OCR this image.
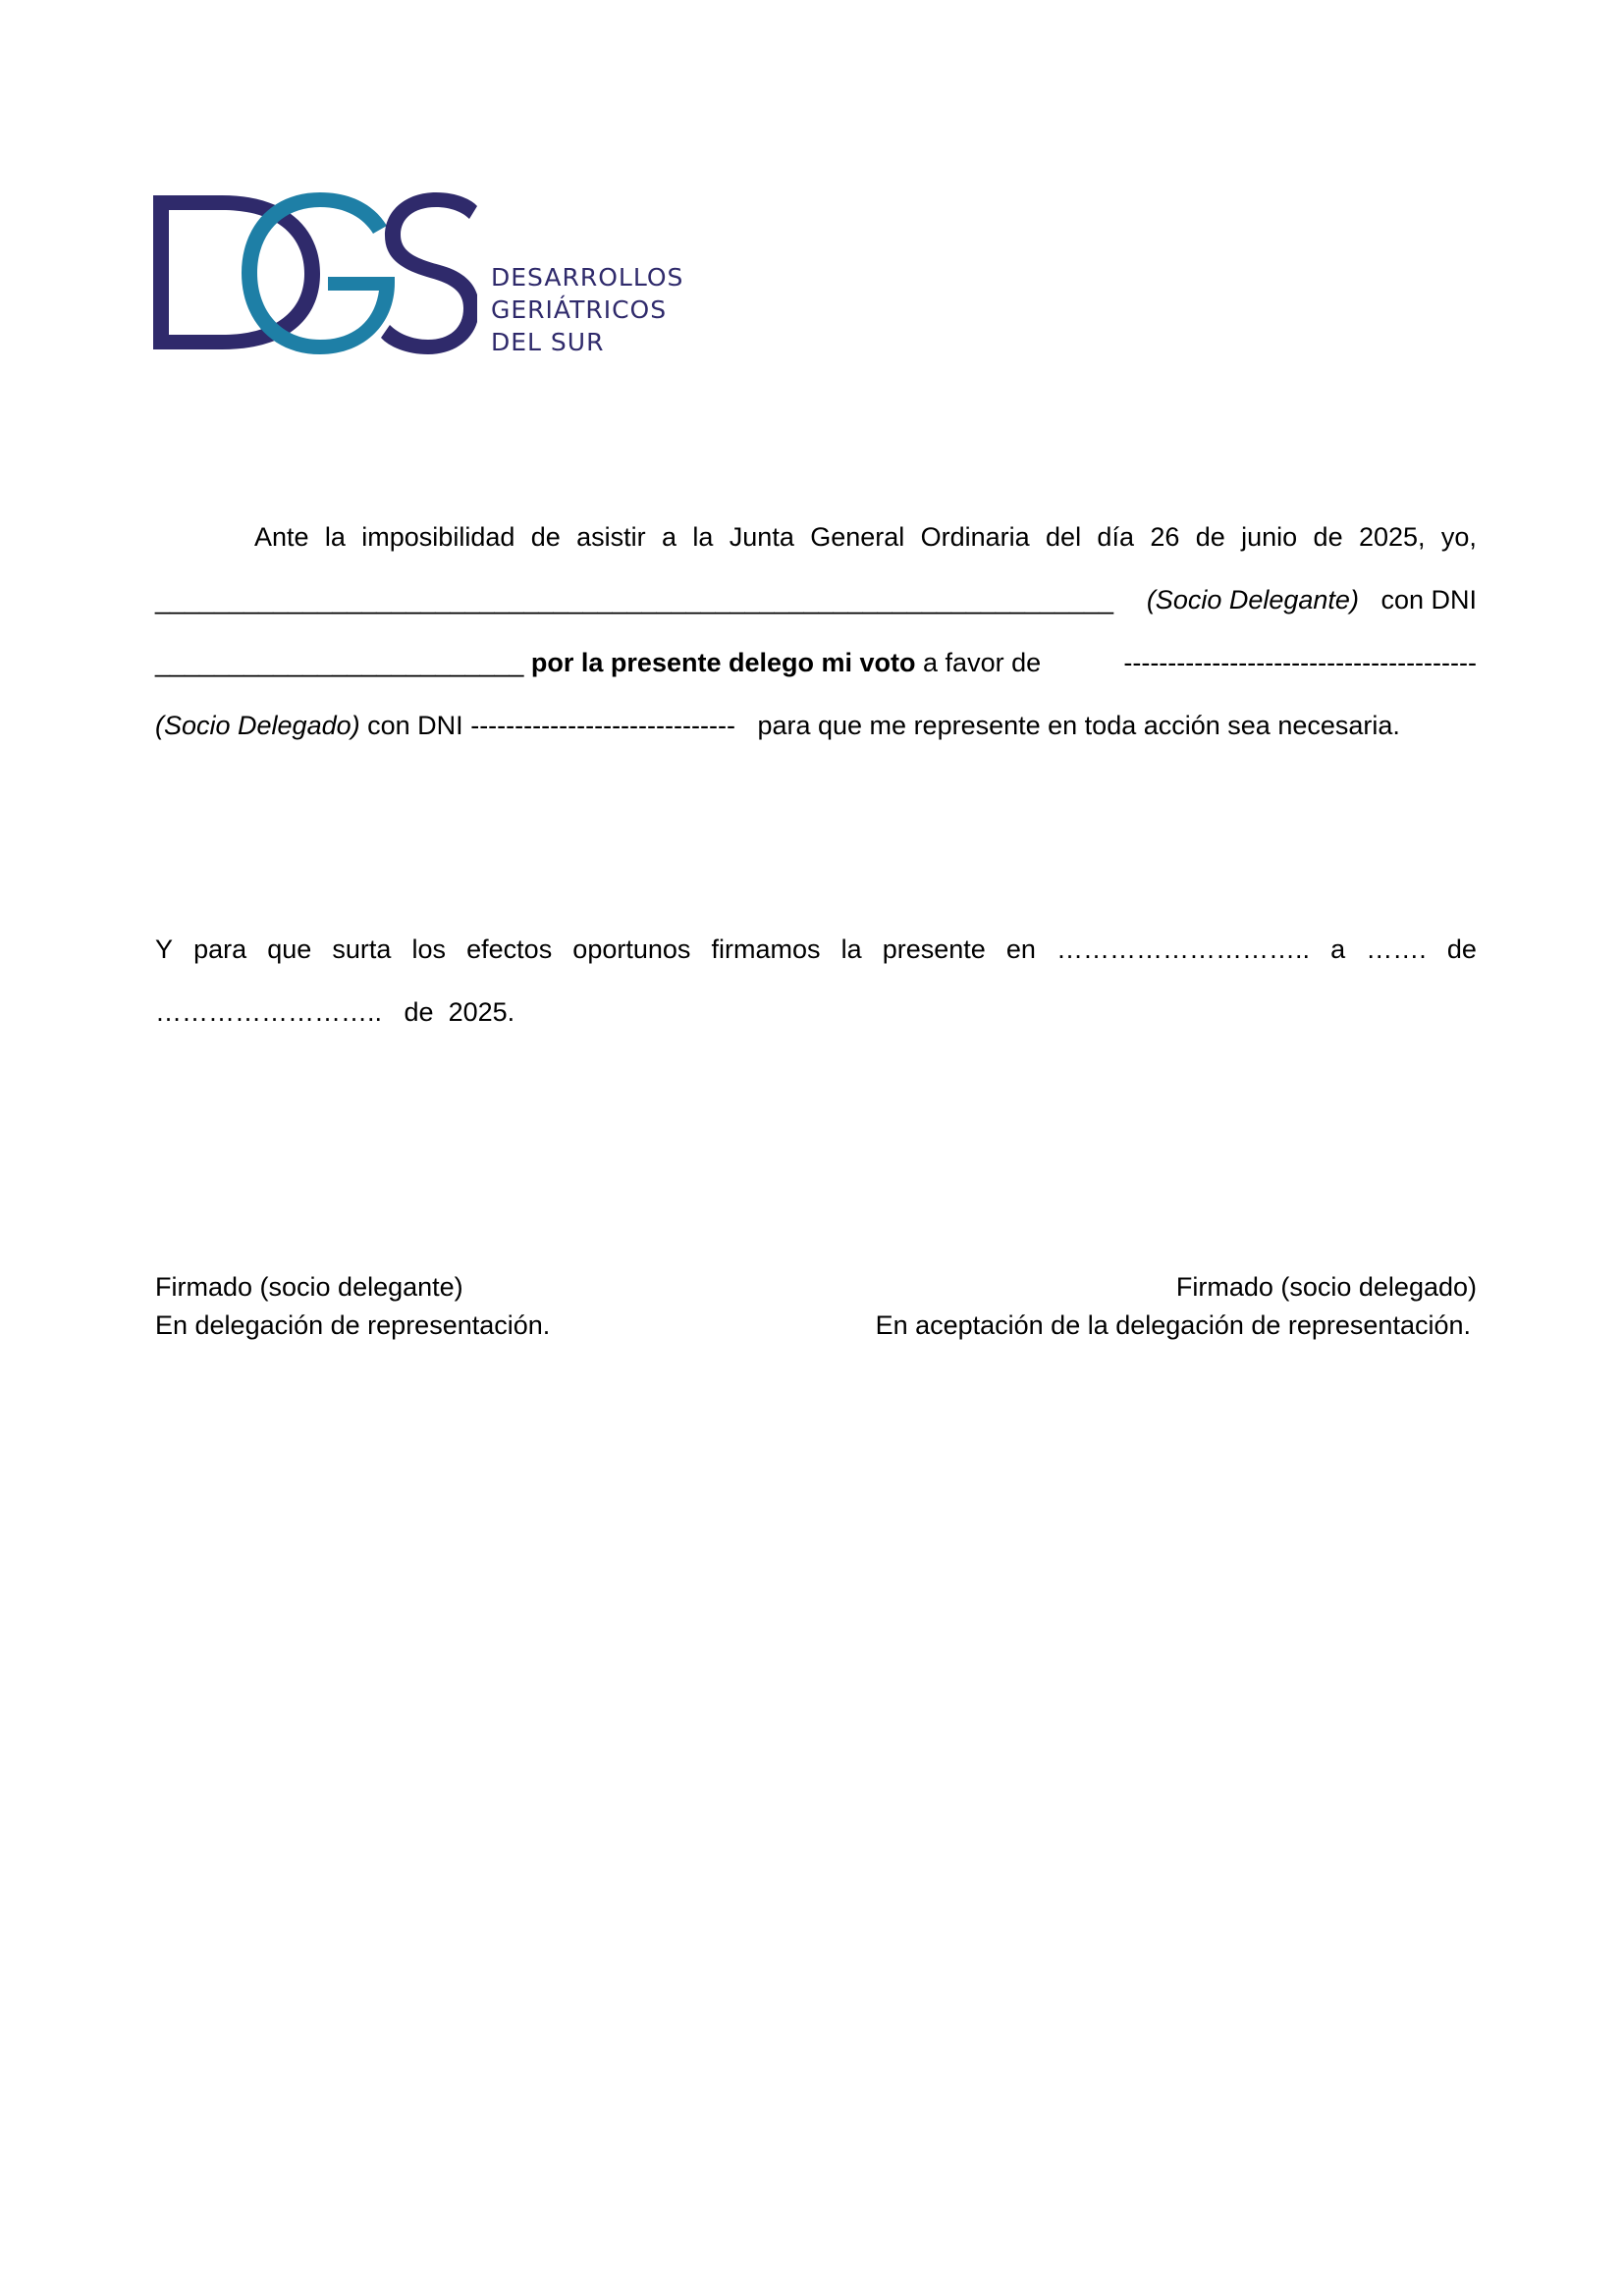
DESARROLLOS
GERIÁTRICOS
DEL SUR
Ante la imposibilidad de asistir a la Junta General Ordinaria del día 26 de junio de 2025, yo,
_________________________________________________________________ (Socio Delegante) con DNI
_________________________ por la presente delego mi voto a favor de	----------------------------------------
(Socio Delegado) con DNI ------------------------------ para que me represente en toda acción sea necesaria.
Y para que surta los efectos oportunos firmamos la presente en ……………………….. a ……. de
…………………….. de 2025.
Firmado (socio delegante)
En delegación de representación.
Firmado (socio delegado)
En aceptación de la delegación de representación.
